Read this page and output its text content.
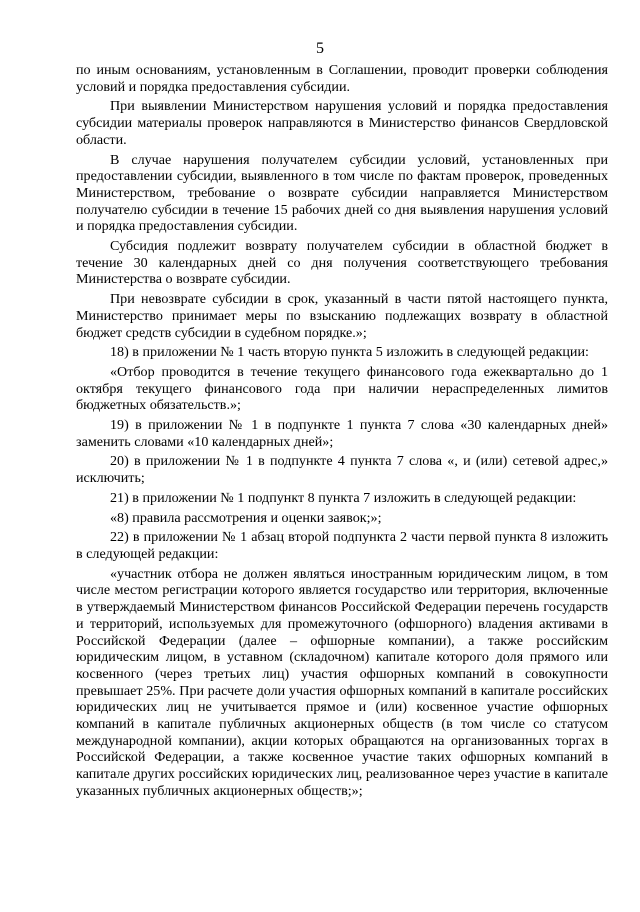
5

по иным основаниям, установленным в Соглашении, проводит проверки соблюдения условий и порядка предоставления субсидии.

При выявлении Министерством нарушения условий и порядка предоставления субсидии материалы проверок направляются в Министерство финансов Свердловской области.

В случае нарушения получателем субсидии условий, установленных при предоставлении субсидии, выявленного в том числе по фактам проверок, проведенных Министерством, требование о возврате субсидии направляется Министерством получателю субсидии в течение 15 рабочих дней со дня выявления нарушения условий и порядка предоставления субсидии.

Субсидия подлежит возврату получателем субсидии в областной бюджет в течение 30 календарных дней со дня получения соответствующего требования Министерства о возврате субсидии.

При невозврате субсидии в срок, указанный в части пятой настоящего пункта, Министерство принимает меры по взысканию подлежащих возврату в областной бюджет средств субсидии в судебном порядке.»;

18) в приложении № 1 часть вторую пункта 5 изложить в следующей редакции:

«Отбор проводится в течение текущего финансового года ежеквартально до 1 октября текущего финансового года при наличии нераспределенных лимитов бюджетных обязательств.»;

19) в приложении № 1 в подпункте 1 пункта 7 слова «30 календарных дней» заменить словами «10 календарных дней»;

20) в приложении № 1 в подпункте 4 пункта 7 слова «, и (или) сетевой адрес,» исключить;

21) в приложении № 1 подпункт 8 пункта 7 изложить в следующей редакции:

«8) правила рассмотрения и оценки заявок;»;

22) в приложении № 1 абзац второй подпункта 2 части первой пункта 8 изложить в следующей редакции:

«участник отбора не должен являться иностранным юридическим лицом, в том числе местом регистрации которого является государство или территория, включенные в утверждаемый Министерством финансов Российской Федерации перечень государств и территорий, используемых для промежуточного (офшорного) владения активами в Российской Федерации (далее – офшорные компании), а также российским юридическим лицом, в уставном (складочном) капитале которого доля прямого или косвенного (через третьих лиц) участия офшорных компаний в совокупности превышает 25%. При расчете доли участия офшорных компаний в капитале российских юридических лиц не учитывается прямое и (или) косвенное участие офшорных компаний в капитале публичных акционерных обществ (в том числе со статусом международной компании), акции которых обращаются на организованных торгах в Российской Федерации, а также косвенное участие таких офшорных компаний в капитале других российских юридических лиц, реализованное через участие в капитале указанных публичных акционерных обществ;»;
